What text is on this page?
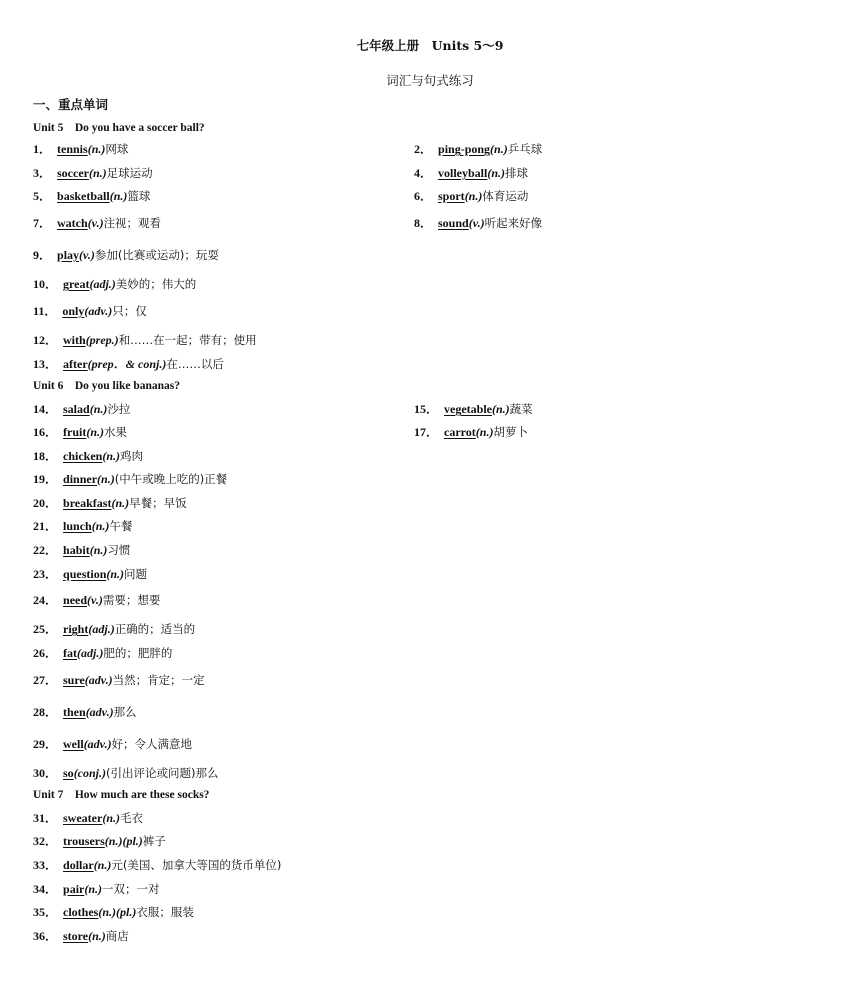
七年级上册　Units 5～9
词汇与句式练习
一、重点单词
Unit 5　Do you have a soccer ball?
Unit 6　Do you like bananas?
Unit 7　How much are these socks?
1． tennis(n.)网球	2． ping-pong(n.)乒乓球
3． soccer(n.)足球运动	4． volleyball(n.)排球
5． basketball(n.)篮球	6． sport(n.)体育运动
7． watch(v.)注视；观看	8． sound(v.)听起来好像
9． play(v.)参加(比赛或运动)；玩耍
10． great(adj.)美妙的；伟大的
11． only(adv.)只；仅
12． with(prep.)和……在一起；带有；使用
13． after(prep．& conj.)在……以后
14． salad(n.)沙拉	15． vegetable(n.)蔬菜
16． fruit(n.)水果	17． carrot(n.)胡萝卜
18． chicken(n.)鸡肉
19． dinner(n.)(中午或晚上吃的)正餐
20． breakfast(n.)早餐；早饭
21． lunch(n.)午餐
22． habit(n.)习惯
23． question(n.)问题
24． need(v.)需要；想要
25． right(adj.)正确的；适当的
26． fat(adj.)肥的；肥胖的
27． sure(adv.)当然；肯定；一定
28． then(adv.)那么
29． well(adv.)好；令人满意地
30． so(conj.)(引出评论或问题)那么
31． sweater(n.)毛衣
32． trousers(n.)(pl.)裤子
33． dollar(n.)元(美国、加拿大等国的货币单位)
34． pair(n.)一双；一对
35． clothes(n.)(pl.)衣服；服装
36． store(n.)商店
